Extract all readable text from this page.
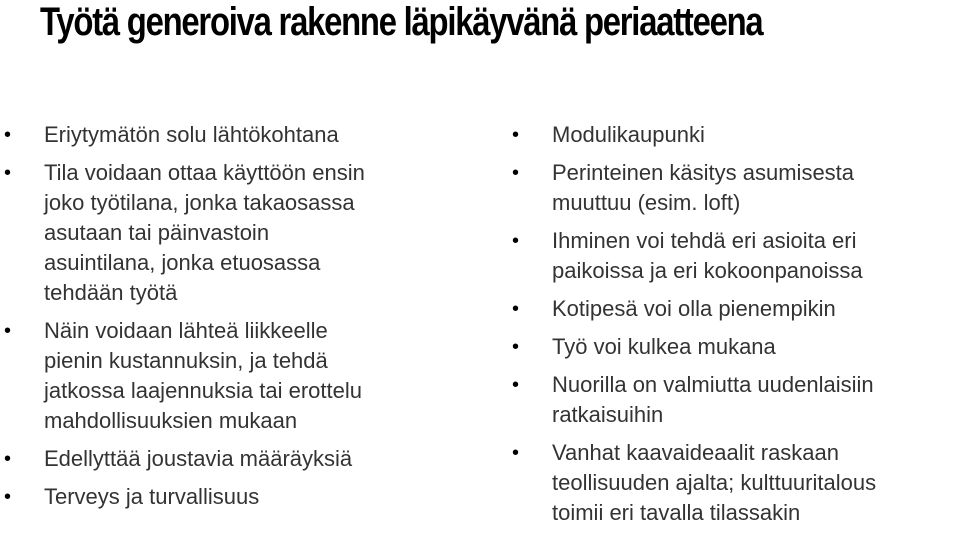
Työtä generoiva rakenne läpikäyvänä periaatteena
• Eriytymätön solu lähtökohtana
• Tila voidaan ottaa käyttöön ensin
joko työtilana, jonka takaosassa
asutaan tai päinvastoin
asuintilana, jonka etuosassa
tehdään työtä
• Näin voidaan lähteä liikkeelle
pienin kustannuksin, ja tehdä
jatkossa laajennuksia tai erottelu
mahdollisuuksien mukaan
• Edellyttää joustavia määräyksiä
• Terveys ja turvallisuus
• Modulikaupunki
• Perinteinen käsitys asumisesta
muuttuu (esim. loft)
• Ihminen voi tehdä eri asioita eri
paikoissa ja eri kokoonpanoissa
• Kotipesä voi olla pienempikin
• Työ voi kulkea mukana
• Nuorilla on valmiutta uudenlaisiin
ratkaisuihin
• Vanhat kaavaideaalit raskaan
teollisuuden ajalta; kulttuuritalous
toimii eri tavalla tilassakin
